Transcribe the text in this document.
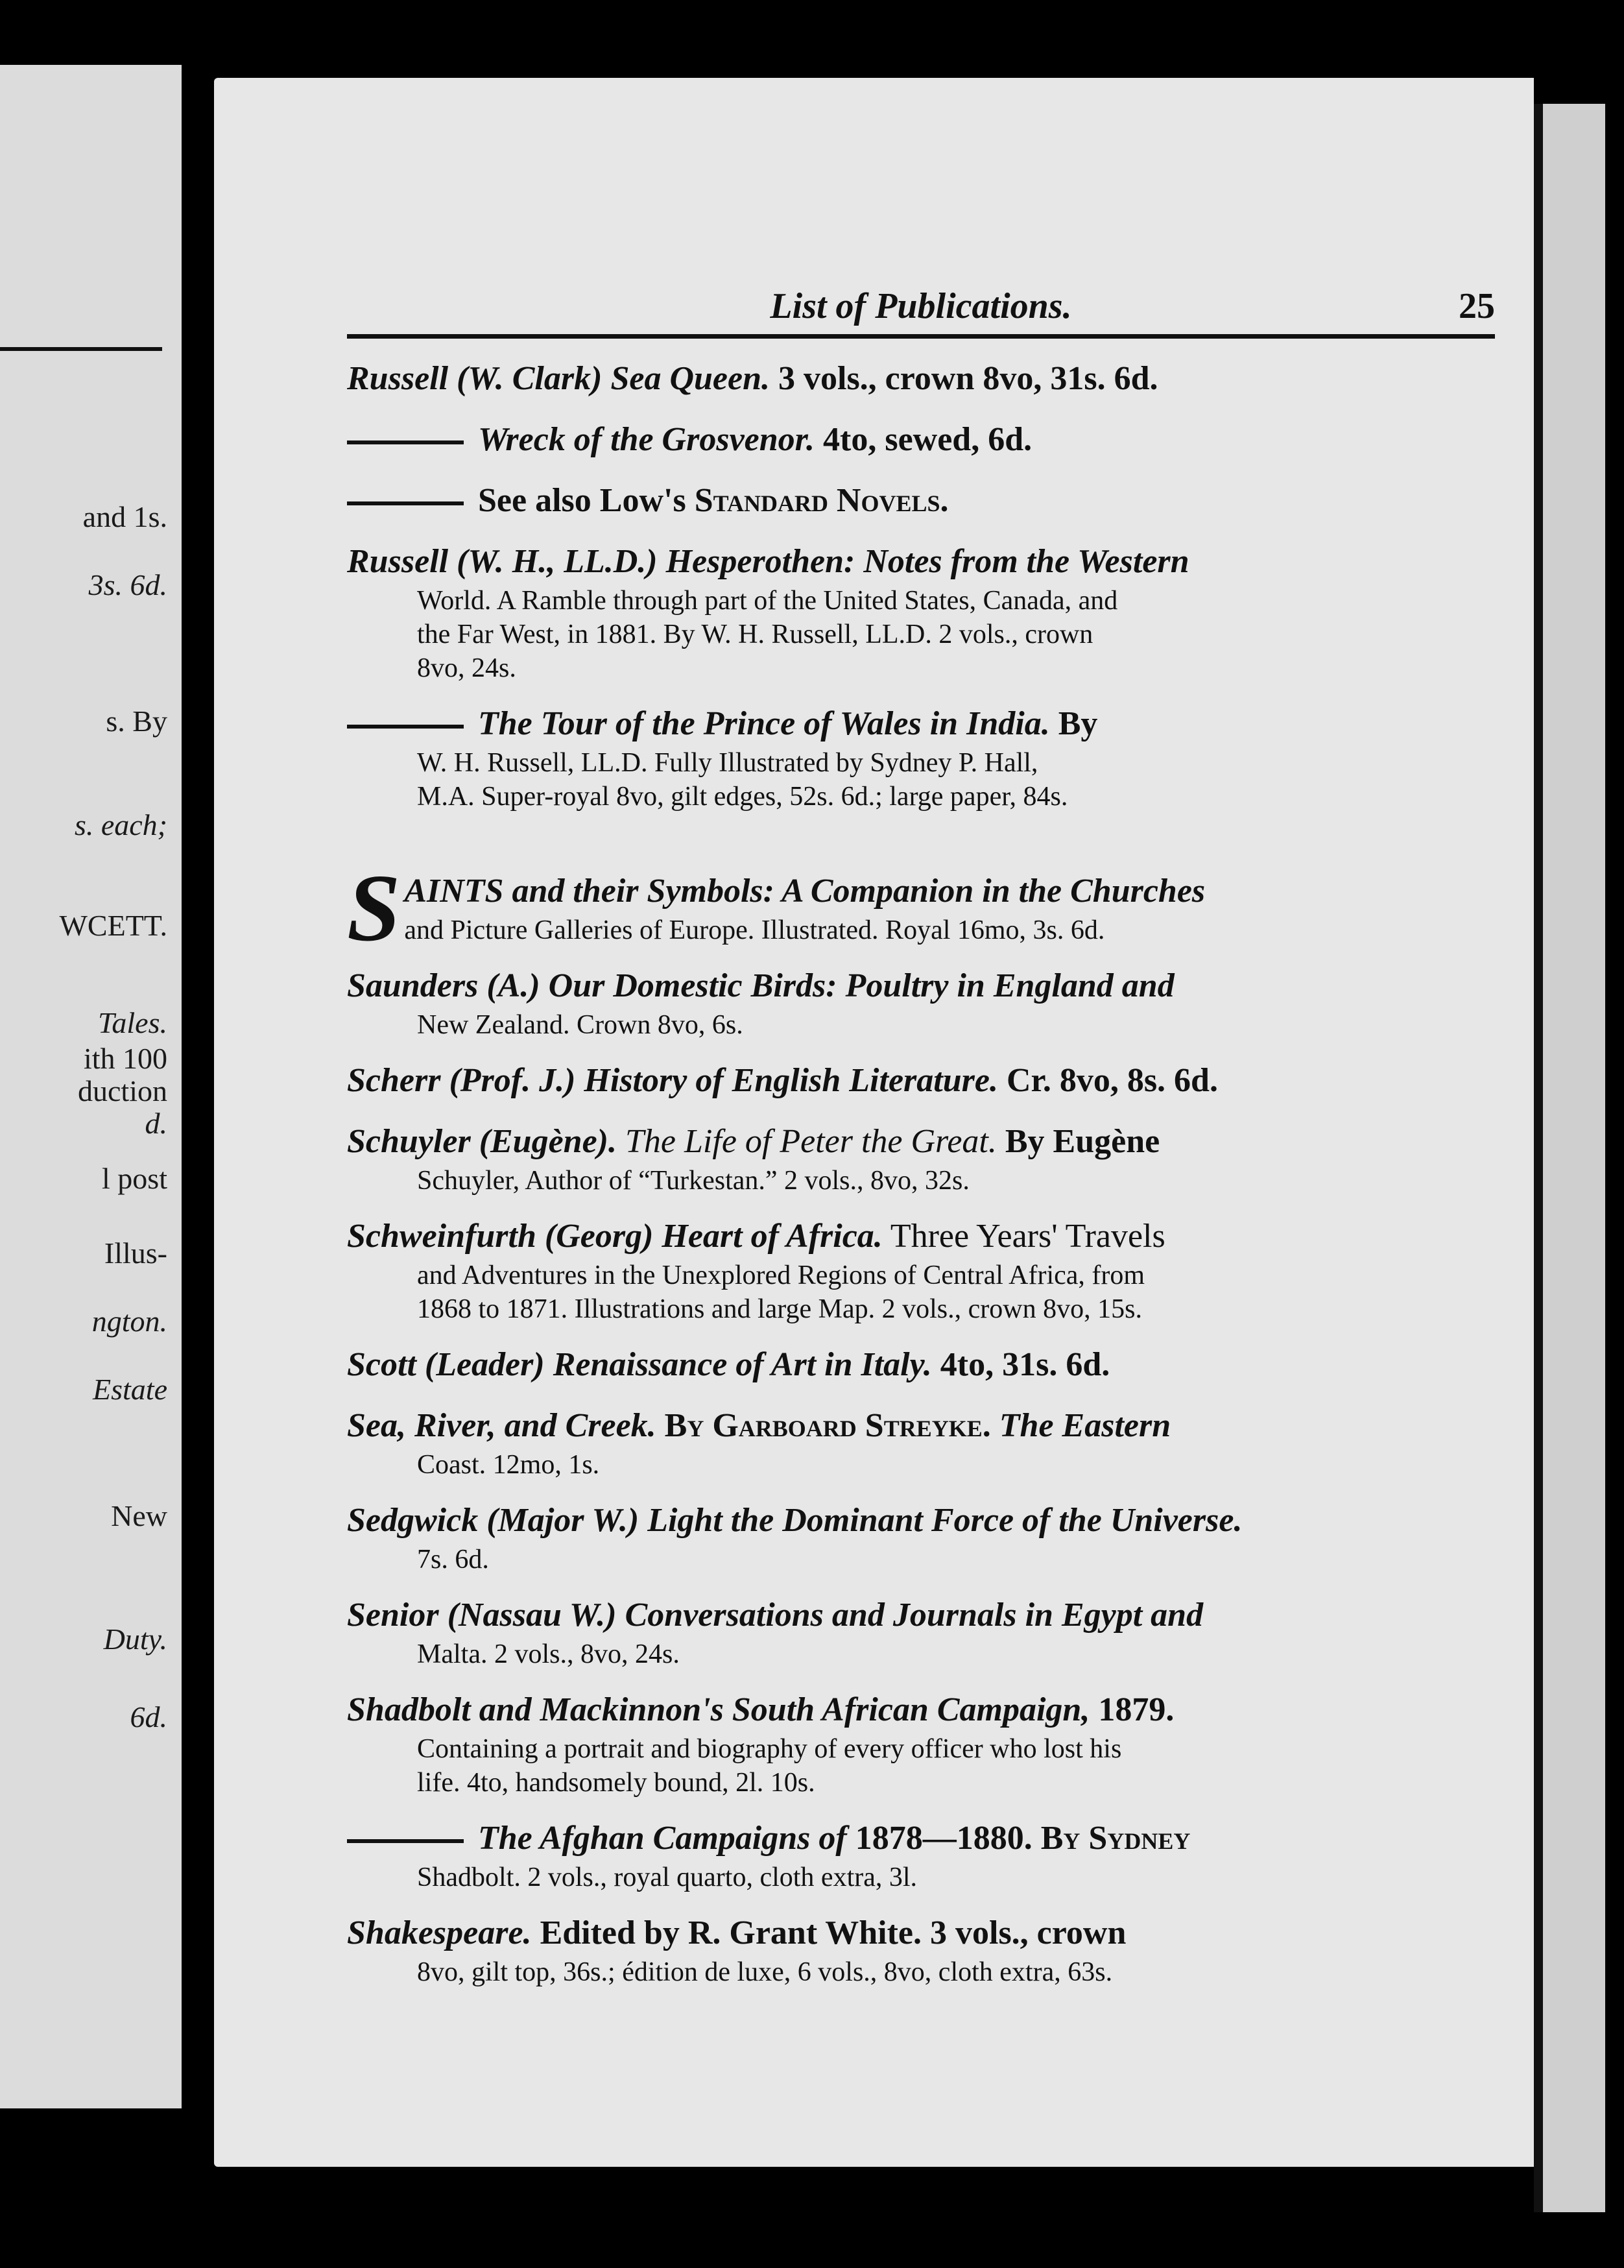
and 1s.
3s. 6d.
s. By
s. each;
WCETT.
Tales.
ith 100
duction
d.
l post
Illus-
ngton.
Estate
New
Duty.
6d.
List of Publications.	25
Russell (W. Clark) Sea Queen. 3 vols., crown 8vo, 31s. 6d.
Wreck of the Grosvenor. 4to, sewed, 6d.
See also Low's Standard Novels.
Russell (W. H., LL.D.) Hesperothen: Notes from the Western
World. A Ramble through part of the United States, Canada, and
the Far West, in 1881. By W. H. Russell, LL.D. 2 vols., crown
8vo, 24s.
The Tour of the Prince of Wales in India. By
W. H. Russell, LL.D. Fully Illustrated by Sydney P. Hall,
M.A. Super-royal 8vo, gilt edges, 52s. 6d.; large paper, 84s.
S AINTS and their Symbols: A Companion in the Churches
and Picture Galleries of Europe. Illustrated. Royal 16mo, 3s. 6d.
Saunders (A.) Our Domestic Birds: Poultry in England and
New Zealand. Crown 8vo, 6s.
Scherr (Prof. J.) History of English Literature. Cr. 8vo, 8s. 6d.
Schuyler (Eugène). The Life of Peter the Great. By Eugène
Schuyler, Author of “Turkestan.” 2 vols., 8vo, 32s.
Schweinfurth (Georg) Heart of Africa. Three Years' Travels
and Adventures in the Unexplored Regions of Central Africa, from
1868 to 1871. Illustrations and large Map. 2 vols., crown 8vo, 15s.
Scott (Leader) Renaissance of Art in Italy. 4to, 31s. 6d.
Sea, River, and Creek. By Garboard Streyke. The Eastern
Coast. 12mo, 1s.
Sedgwick (Major W.) Light the Dominant Force of the Universe.
7s. 6d.
Senior (Nassau W.) Conversations and Journals in Egypt and
Malta. 2 vols., 8vo, 24s.
Shadbolt and Mackinnon's South African Campaign, 1879.
Containing a portrait and biography of every officer who lost his
life. 4to, handsomely bound, 2l. 10s.
The Afghan Campaigns of 1878—1880. By Sydney
Shadbolt. 2 vols., royal quarto, cloth extra, 3l.
Shakespeare. Edited by R. Grant White. 3 vols., crown
8vo, gilt top, 36s.; édition de luxe, 6 vols., 8vo, cloth extra, 63s.
